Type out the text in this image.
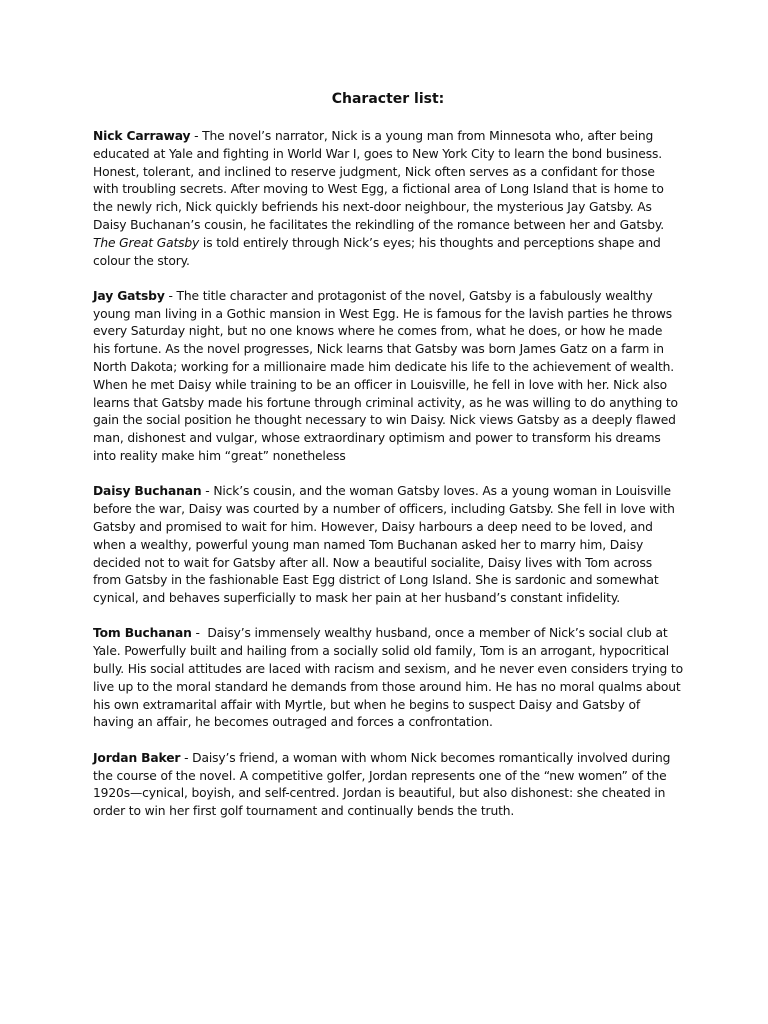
Character list:

Nick Carraway - The novel’s narrator, Nick is a young man from Minnesota who, after being educated at Yale and fighting in World War I, goes to New York City to learn the bond business. Honest, tolerant, and inclined to reserve judgment, Nick often serves as a confidant for those with troubling secrets. After moving to West Egg, a fictional area of Long Island that is home to the newly rich, Nick quickly befriends his next-door neighbour, the mysterious Jay Gatsby. As Daisy Buchanan’s cousin, he facilitates the rekindling of the romance between her and Gatsby. The Great Gatsby is told entirely through Nick’s eyes; his thoughts and perceptions shape and colour the story.

Jay Gatsby - The title character and protagonist of the novel, Gatsby is a fabulously wealthy young man living in a Gothic mansion in West Egg. He is famous for the lavish parties he throws every Saturday night, but no one knows where he comes from, what he does, or how he made his fortune. As the novel progresses, Nick learns that Gatsby was born James Gatz on a farm in North Dakota; working for a millionaire made him dedicate his life to the achievement of wealth. When he met Daisy while training to be an officer in Louisville, he fell in love with her. Nick also learns that Gatsby made his fortune through criminal activity, as he was willing to do anything to gain the social position he thought necessary to win Daisy. Nick views Gatsby as a deeply flawed man, dishonest and vulgar, whose extraordinary optimism and power to transform his dreams into reality make him “great” nonetheless

Daisy Buchanan - Nick’s cousin, and the woman Gatsby loves. As a young woman in Louisville before the war, Daisy was courted by a number of officers, including Gatsby. She fell in love with Gatsby and promised to wait for him. However, Daisy harbours a deep need to be loved, and when a wealthy, powerful young man named Tom Buchanan asked her to marry him, Daisy decided not to wait for Gatsby after all. Now a beautiful socialite, Daisy lives with Tom across from Gatsby in the fashionable East Egg district of Long Island. She is sardonic and somewhat cynical, and behaves superficially to mask her pain at her husband’s constant infidelity.

Tom Buchanan -  Daisy’s immensely wealthy husband, once a member of Nick’s social club at Yale. Powerfully built and hailing from a socially solid old family, Tom is an arrogant, hypocritical bully. His social attitudes are laced with racism and sexism, and he never even considers trying to live up to the moral standard he demands from those around him. He has no moral qualms about his own extramarital affair with Myrtle, but when he begins to suspect Daisy and Gatsby of having an affair, he becomes outraged and forces a confrontation.

Jordan Baker - Daisy’s friend, a woman with whom Nick becomes romantically involved during the course of the novel. A competitive golfer, Jordan represents one of the “new women” of the 1920s—cynical, boyish, and self-centred. Jordan is beautiful, but also dishonest: she cheated in order to win her first golf tournament and continually bends the truth.
